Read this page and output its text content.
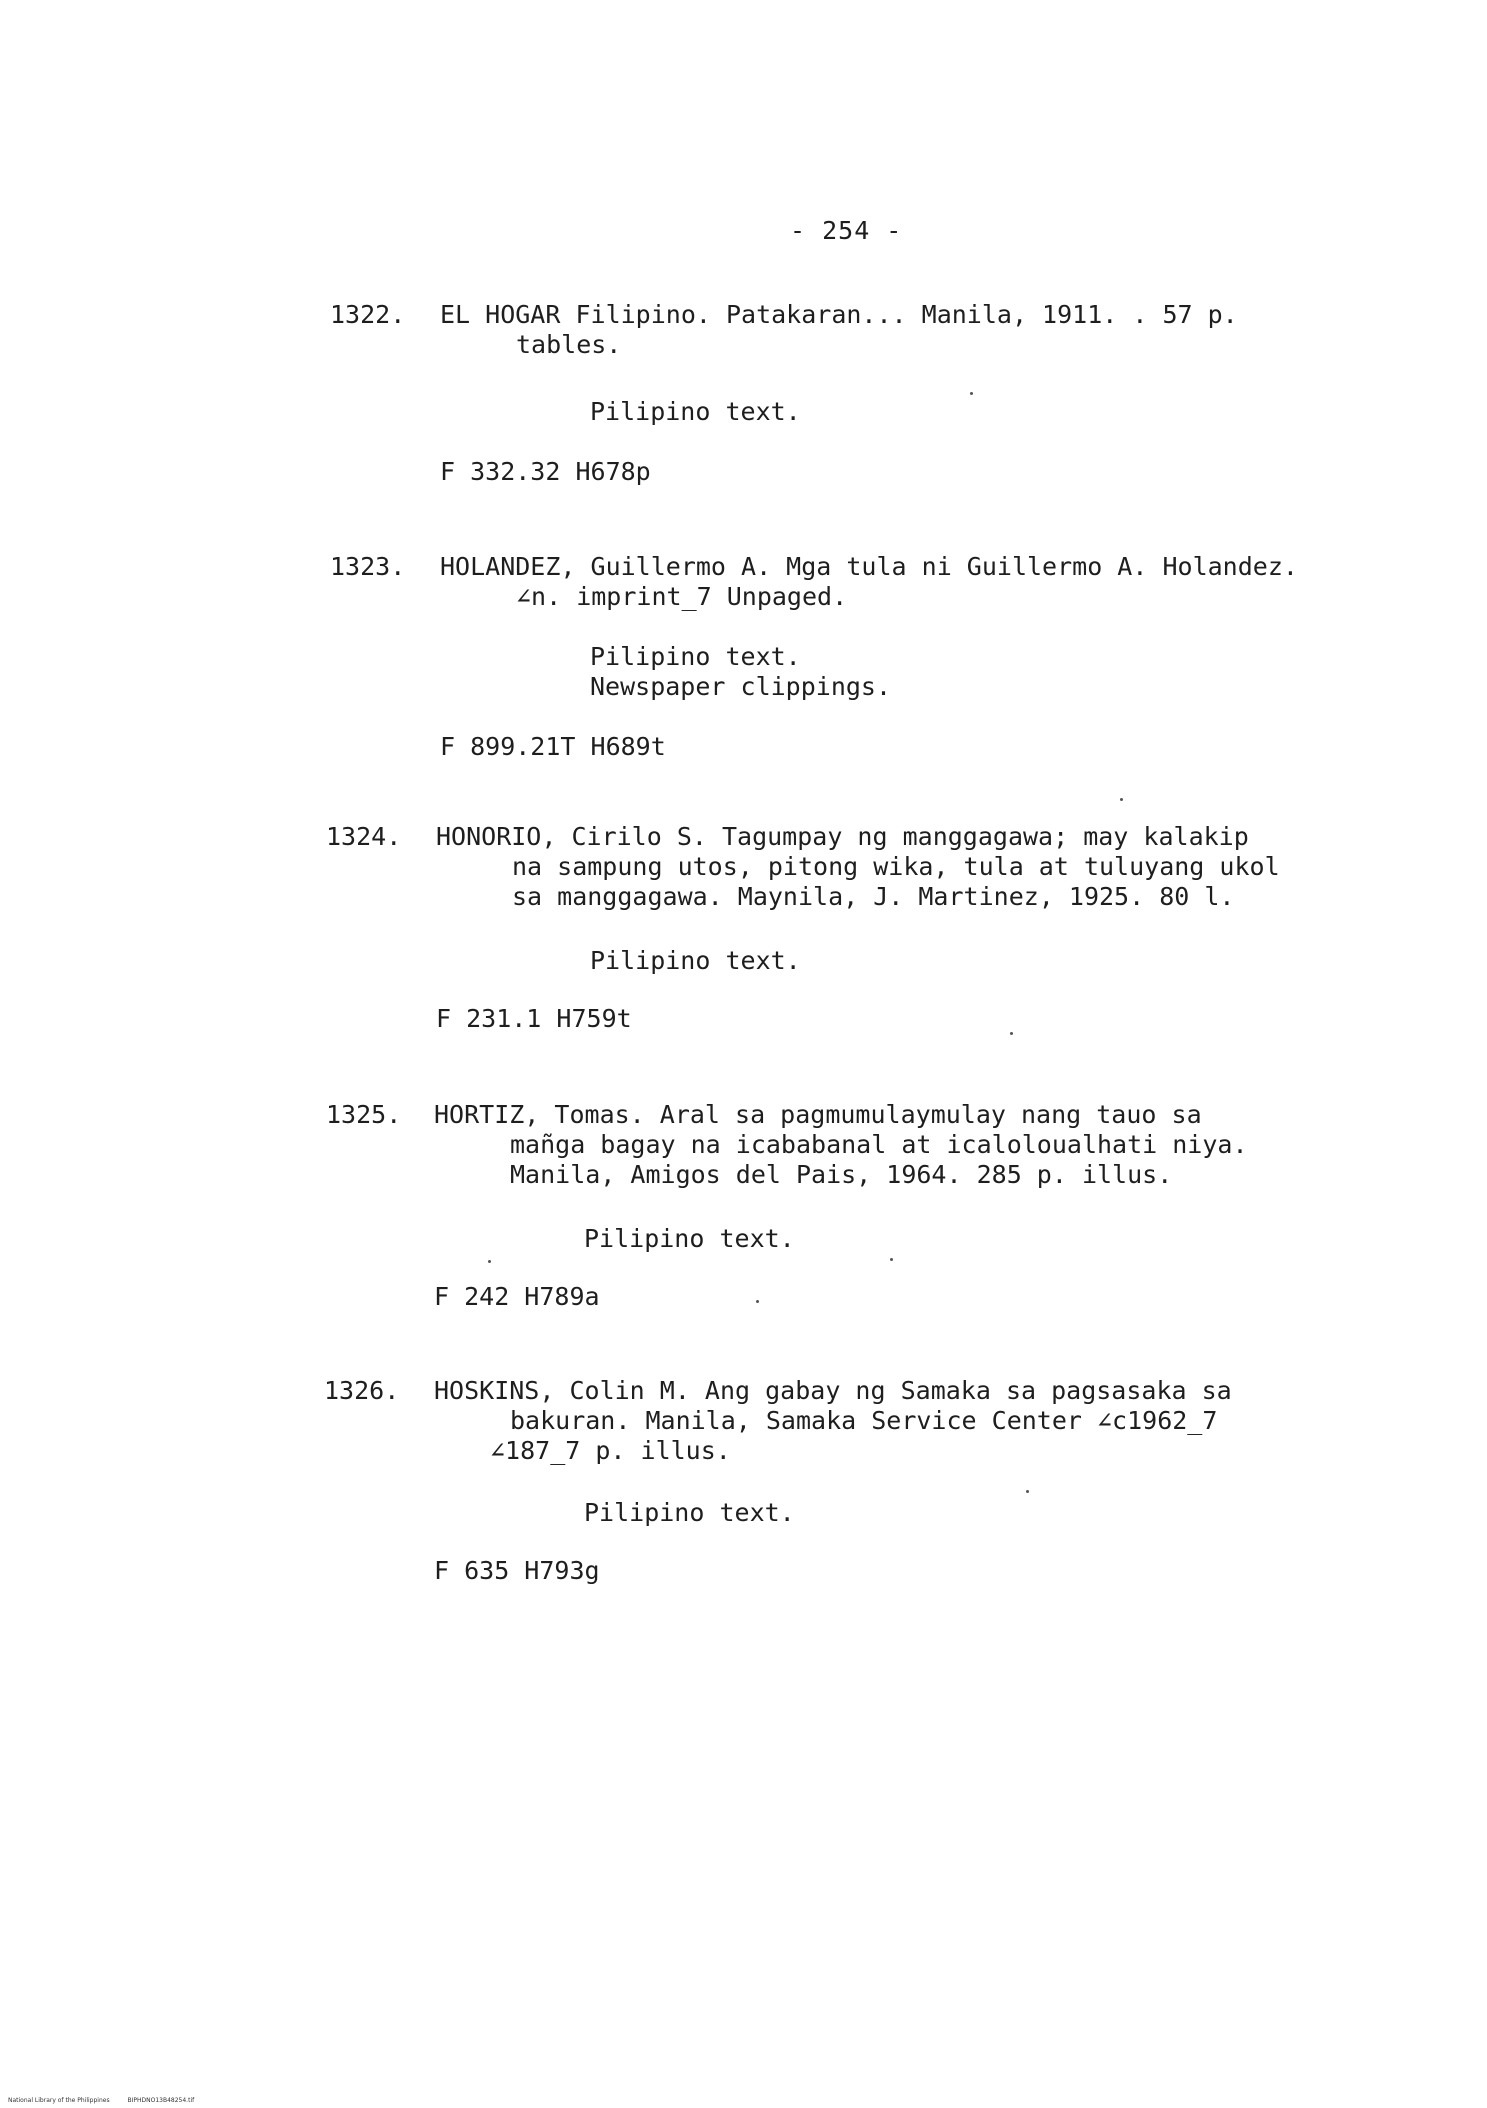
- 254 -
1322. EL HOGAR Filipino. Patakaran... Manila, 1911. . 57 p.
tables.
Pilipino text.
F 332.32 H678p
1323. HOLANDEZ, Guillermo A. Mga tula ni Guillermo A. Holandez.
∠n. imprint_7 Unpaged.
Pilipino text.
Newspaper clippings.
F 899.21T H689t
1324. HONORIO, Cirilo S. Tagumpay ng manggagawa; may kalakip
na sampung utos, pitong wika, tula at tuluyang ukol
sa manggagawa. Maynila, J. Martinez, 1925. 80 l.
Pilipino text.
F 231.1 H759t
1325. HORTIZ, Tomas. Aral sa pagmumulaymulay nang tauo sa
mañga bagay na icababanal at icaloloualhati niya.
Manila, Amigos del Pais, 1964. 285 p. illus.
Pilipino text.
F 242 H789a
1326. HOSKINS, Colin M. Ang gabay ng Samaka sa pagsasaka sa
bakuran. Manila, Samaka Service Center ∠c1962_7
∠187_7 p. illus.
Pilipino text.
F 635 H793g
National Library of the Philippines	BIPHDNO13B48254.tif
